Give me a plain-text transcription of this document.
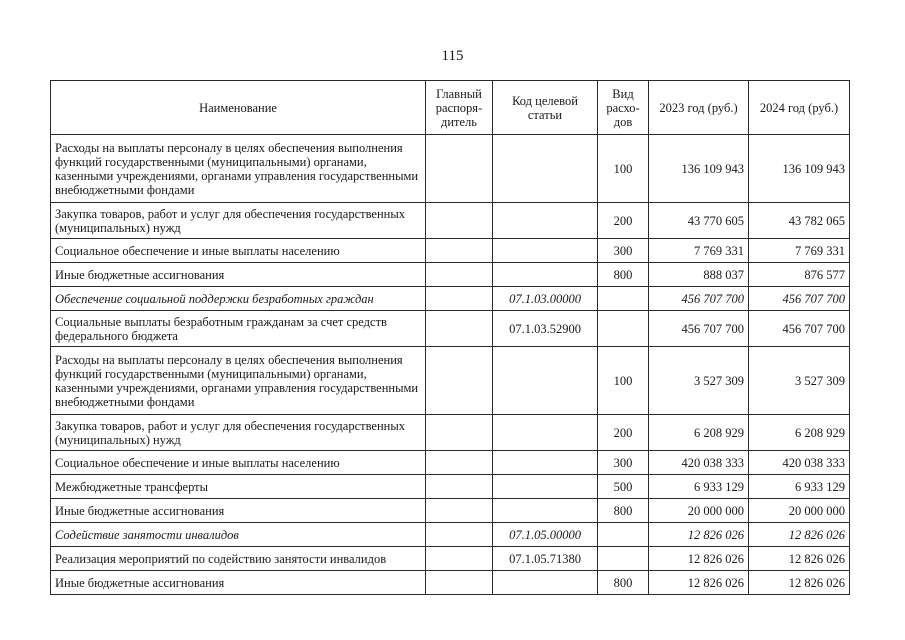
115
Наименование	Главный распоря-дитель	Код целевой статьи	Вид расхо-дов	2023 год (руб.)	2024 год (руб.)
Расходы на выплаты персоналу в целях обеспечения выполнения функций государственными (муниципальными) органами, казенными учреждениями, органами управления государственными внебюджетными фондами			100	136 109 943	136 109 943
Закупка товаров, работ и услуг для обеспечения государственных (муниципальных) нужд			200	43 770 605	43 782 065
Социальное обеспечение и иные выплаты населению			300	7 769 331	7 769 331
Иные бюджетные ассигнования			800	888 037	876 577
Обеспечение социальной поддержки безработных граждан		07.1.03.00000		456 707 700	456 707 700
Социальные выплаты безработным гражданам за счет средств федерального бюджета		07.1.03.52900		456 707 700	456 707 700
Расходы на выплаты персоналу в целях обеспечения выполнения функций государственными (муниципальными) органами, казенными учреждениями, органами управления государственными внебюджетными фондами			100	3 527 309	3 527 309
Закупка товаров, работ и услуг для обеспечения государственных (муниципальных) нужд			200	6 208 929	6 208 929
Социальное обеспечение и иные выплаты населению			300	420 038 333	420 038 333
Межбюджетные трансферты			500	6 933 129	6 933 129
Иные бюджетные ассигнования			800	20 000 000	20 000 000
Содействие занятости инвалидов		07.1.05.00000		12 826 026	12 826 026
Реализация мероприятий по содействию занятости инвалидов		07.1.05.71380		12 826 026	12 826 026
Иные бюджетные ассигнования			800	12 826 026	12 826 026
